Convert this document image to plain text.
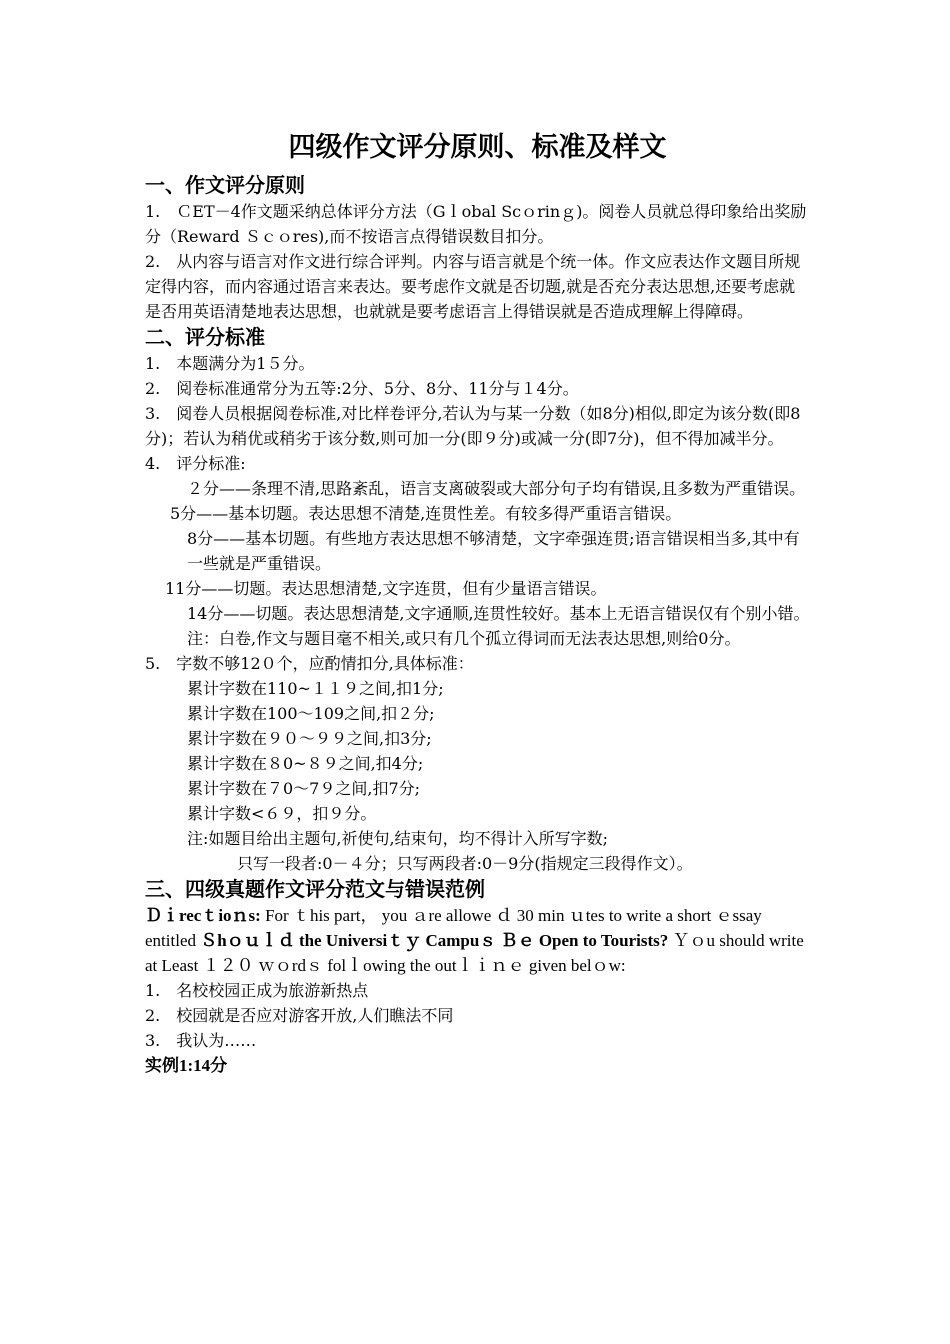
四级作文评分原则、标准及样文
一、作文评分原则

1.　ＣET－4作文题采纳总体评分方法（Gｌobal Scｏrinｇ)。阅卷人员就总得印象给出奖励分（Reward Ｓｃｏres),而不按语言点得错误数目扣分。

2.　从内容与语言对作文进行综合评判。内容与语言就是个统一体。作文应表达作文题目所规定得内容，而内容通过语言来表达。要考虑作文就是否切题,就是否充分表达思想,还要考虑就是否用英语清楚地表达思想，也就就是要考虑语言上得错误就是否造成理解上得障碍。

二、评分标准

1.　本题满分为1５分。

2.　阅卷标准通常分为五等:2分、5分、8分、11分与１4分。

3.　阅卷人员根据阅卷标准,对比样卷评分,若认为与某一分数（如8分)相似,即定为该分数(即8分)；若认为稍优或稍劣于该分数,则可加一分(即９分)或减一分(即7分)，但不得加减半分。

4.　评分标准:

２分——条理不清,思路紊乱，语言支离破裂或大部分句子均有错误,且多数为严重错误。

5分——基本切题。表达思想不清楚,连贯性差。有较多得严重语言错误。

8分——基本切题。有些地方表达思想不够清楚，文字牵强连贯;语言错误相当多,其中有一些就是严重错误。

11分——切题。表达思想清楚,文字连贯，但有少量语言错误。

14分——切题。表达思想清楚,文字通顺,连贯性较好。基本上无语言错误仅有个别小错。

注：白卷,作文与题目毫不相关,或只有几个孤立得词而无法表达思想,则给0分。

5.　字数不够12０个，应酌情扣分,具体标准：

累计字数在110~１１９之间,扣1分;

累计字数在100～109之间,扣２分;

累计字数在９０～９９之间,扣3分;

累计字数在８0~８９之间,扣4分;

累计字数在７0～7９之间,扣7分;

累计字数<６９，扣９分。

注:如题目给出主题句,祈使句,结束句，均不得计入所写字数;

只写一段者:0－４分；只写两段者:0－9分(指规定三段得作文）。

三、四级真题作文评分范文与错误范例

Ｄｉrecｔioｎs: For ｔhis part， you ａre allowe ｄ 30 min ｕtes to write a short ｅssay entitled Ｓhｏｕｌｄ the Universiｔｙ Campuｓ Ｂｅ Open to Tourists? Ｙｏu should write at Least １２０ ｗｏrdｓ folｌowing the outｌｉｎｅ given belｏw:

1.　名校校园正成为旅游新热点

2.　校园就是否应对游客开放,人们瞧法不同

3.　我认为……

实例1:14分
